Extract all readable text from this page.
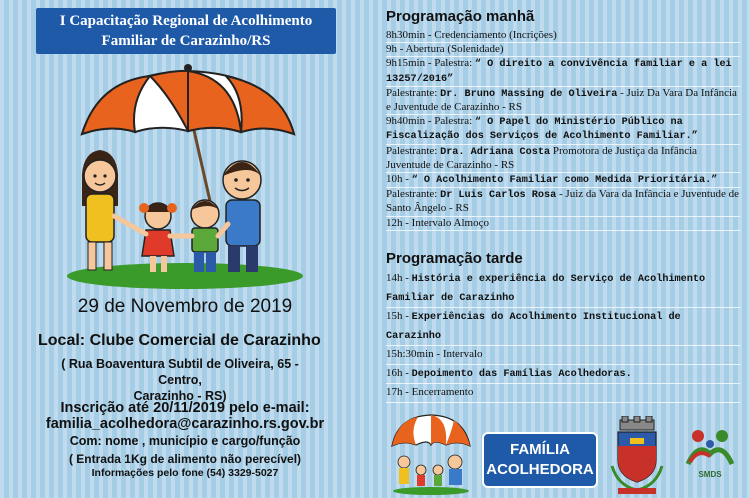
I Capacitação Regional de Acolhimento
Familiar de Carazinho/RS
29 de Novembro de 2019
Local: Clube Comercial de Carazinho
( Rua Boaventura Subtil de Oliveira, 65 - Centro,
Carazinho - RS)
Inscrição até 20/11/2019 pelo e-mail:
familia_acolhedora@carazinho.rs.gov.br
Com: nome , município e cargo/função
( Entrada 1Kg de alimento não perecível)
Informações pelo fone (54) 3329-5027
Programação manhã
8h30min - Credenciamento (Incrições)
9h - Abertura (Solenidade)
9h15min - Palestra: “ O direito a convivência familiar e a lei 13257/2016”
Palestrante: Dr. Bruno Massing de Oliveira - Juiz Da Vara Da Infância e Juventude de Carazinho - RS
9h40min - Palestra: “ O Papel do Ministério Público na Fiscalização dos Serviços de Acolhimento Familiar.”
Palestrante: Dra. Adriana Costa Promotora de Justiça da Infância Juventude de Carazinho - RS
10h - “ O Acolhimento Familiar como Medida Prioritária.”
Palestrante: Dr Luis Carlos Rosa - Juiz da Vara da Infância e Juventude de Santo Ângelo - RS
12h - Intervalo Almoço
Programação tarde
14h - História e experiência do Serviço de Acolhimento Familiar de Carazinho
15h - Experiências do Acolhimento Institucional de Carazinho
15h:30min - Intervalo
16h - Depoimento das Famílias Acolhedoras.
17h - Encerramento
FAMÍLIA
ACOLHEDORA	SMDS
